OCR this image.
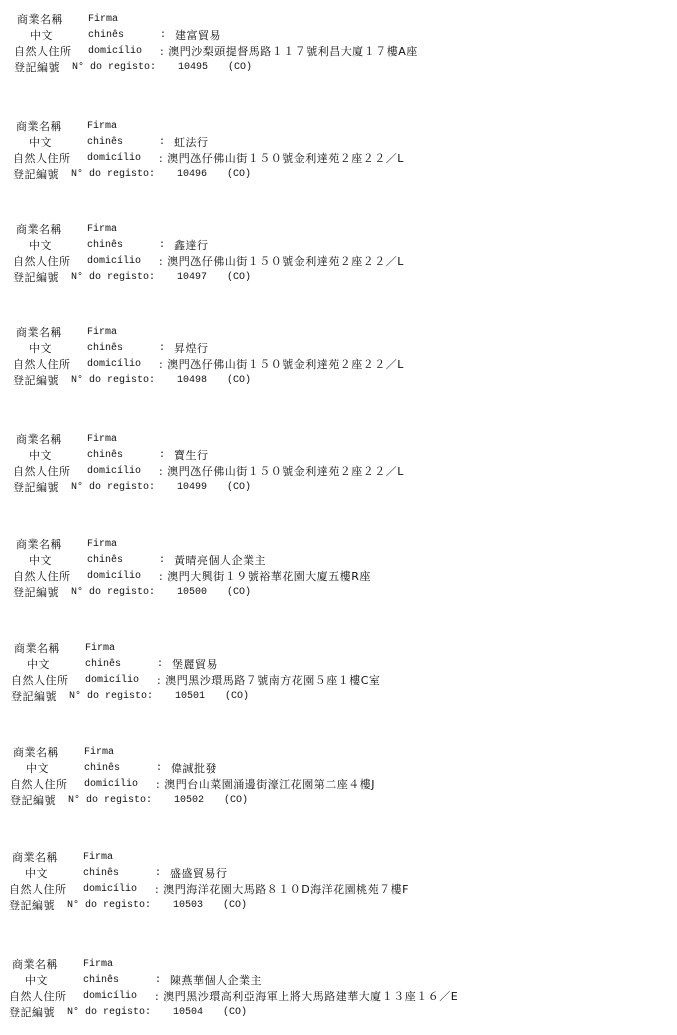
商業名稱	Firma
中文	chinês	: 建富貿易
自然人住所 domicílio : 澳門沙梨頭提督馬路１１７號利昌大廈１７樓A座
登記編號 N° do registo: 10495 (CO)
商業名稱	Firma
中文	chinês	: 虹法行
自然人住所 domicílio : 澳門氹仔佛山街１５０號金利達苑２座２２／L
登記編號 N° do registo: 10496 (CO)
商業名稱	Firma
中文	chinês	: 鑫達行
自然人住所 domicílio : 澳門氹仔佛山街１５０號金利達苑２座２２／L
登記編號 N° do registo: 10497 (CO)
商業名稱	Firma
中文	chinês	: 昇煌行
自然人住所 domicílio : 澳門氹仔佛山街１５０號金利達苑２座２２／L
登記編號 N° do registo: 10498 (CO)
商業名稱	Firma
中文	chinês	: 寶生行
自然人住所 domicílio : 澳門氹仔佛山街１５０號金利達苑２座２２／L
登記編號 N° do registo: 10499 (CO)
商業名稱	Firma
中文	chinês	: 黃晴亮個人企業主
自然人住所 domicílio : 澳門大興街１９號裕華花園大廈五樓R座
登記編號 N° do registo: 10500 (CO)
商業名稱	Firma
中文	chinês	: 堡麗貿易
自然人住所 domicílio : 澳門黑沙環馬路７號南方花園５座１樓C室
登記編號 N° do registo: 10501 (CO)
商業名稱	Firma
中文	chinês	: 偉誠批發
自然人住所 domicílio : 澳門台山菜園涌邊街濠江花園第二座４樓J
登記編號 N° do registo: 10502 (CO)
商業名稱	Firma
中文	chinês	: 盛盛貿易行
自然人住所 domicílio : 澳門海洋花園大馬路８１０D海洋花園桃苑７樓F
登記編號 N° do registo: 10503 (CO)
商業名稱	Firma
中文	chinês	: 陳燕華個人企業主
自然人住所 domicílio : 澳門黑沙環高利亞海軍上將大馬路建華大廈１３座１６／E
登記編號 N° do registo: 10504 (CO)
